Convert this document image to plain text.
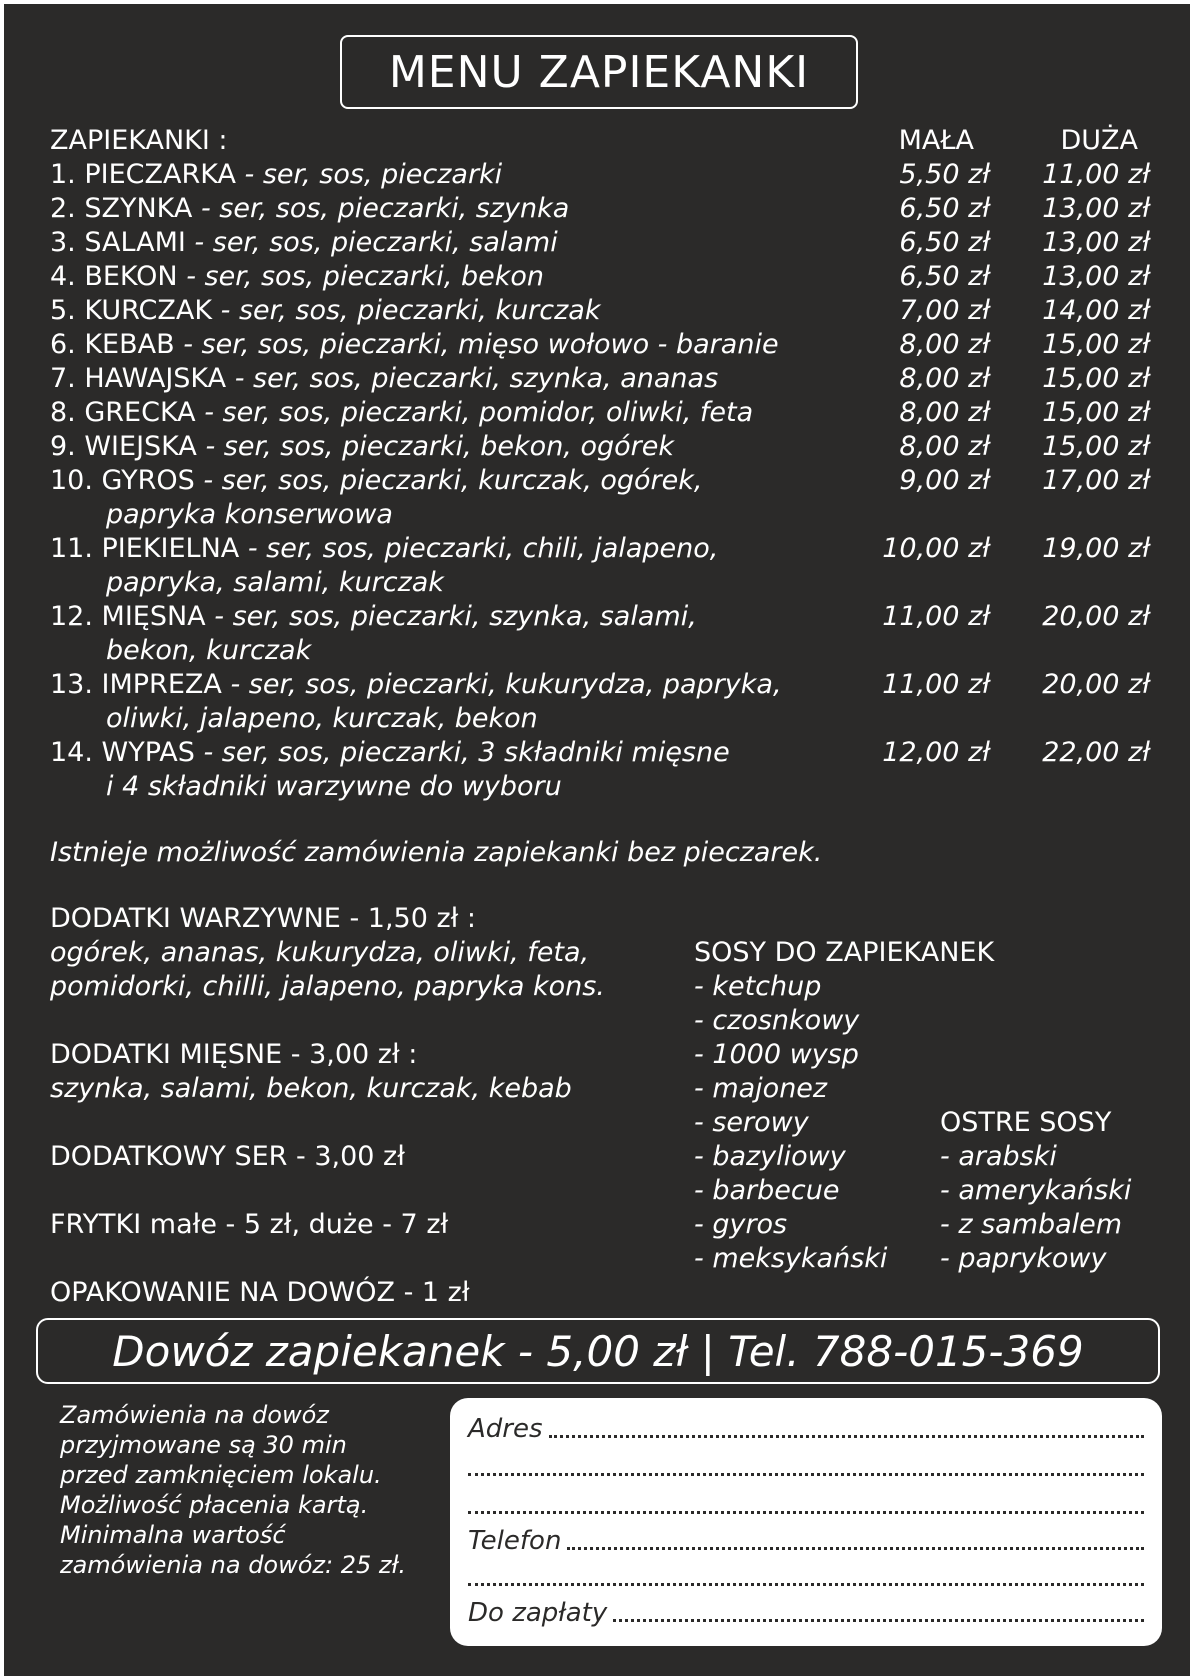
MENU ZAPIEKANKI
ZAPIEKANKI :	MAŁA	DUŻA
1. PIECZARKA - ser, sos, pieczarki	5,50 zł 11,00 zł
2. SZYNKA - ser, sos, pieczarki, szynka	6,50 zł 13,00 zł
3. SALAMI - ser, sos, pieczarki, salami	6,50 zł 13,00 zł
4. BEKON - ser, sos, pieczarki, bekon	6,50 zł 13,00 zł
5. KURCZAK - ser, sos, pieczarki, kurczak	7,00 zł 14,00 zł
6. KEBAB - ser, sos, pieczarki, mięso wołowo - baranie	8,00 zł 15,00 zł
7. HAWAJSKA - ser, sos, pieczarki, szynka, ananas	8,00 zł 15,00 zł
8. GRECKA - ser, sos, pieczarki, pomidor, oliwki, feta	8,00 zł 15,00 zł
9. WIEJSKA - ser, sos, pieczarki, bekon, ogórek	8,00 zł 15,00 zł
10. GYROS - ser, sos, pieczarki, kurczak, ogórek,
papryka konserwowa
9,00 zł 17,00 zł
11. PIEKIELNA - ser, sos, pieczarki, chili, jalapeno,
papryka, salami, kurczak
10,00 zł 19,00 zł
12. MIĘSNA - ser, sos, pieczarki, szynka, salami,
bekon, kurczak
11,00 zł 20,00 zł
13. IMPREZA - ser, sos, pieczarki, kukurydza, papryka,
oliwki, jalapeno, kurczak, bekon
11,00 zł 20,00 zł
14. WYPAS - ser, sos, pieczarki, 3 składniki mięsne
i 4 składniki warzywne do wyboru
12,00 zł 22,00 zł
Istnieje możliwość zamówienia zapiekanki bez pieczarek.
DODATKI WARZYWNE - 1,50 zł :
ogórek, ananas, kukurydza, oliwki, feta,
pomidorki, chilli, jalapeno, papryka kons.
DODATKI MIĘSNE - 3,00 zł :
szynka, salami, bekon, kurczak, kebab
DODATKOWY SER - 3,00 zł
FRYTKI małe - 5 zł, duże - 7 zł
OPAKOWANIE NA DOWÓZ - 1 zł
SOSY DO ZAPIEKANEK
- ketchup
- czosnkowy
- 1000 wysp
- majonez
- serowy
- bazyliowy
- barbecue
- gyros
- meksykański
OSTRE SOSY
- arabski
- amerykański
- z sambalem
- paprykowy
Dowóz zapiekanek - 5,00 zł | Tel. 788-015-369
Zamówienia na dowóz
przyjmowane są 30 min
przed zamknięciem lokalu.
Możliwość płacenia kartą.
Minimalna wartość
zamówienia na dowóz: 25 zł.
Adres
Telefon
Do zapłaty
